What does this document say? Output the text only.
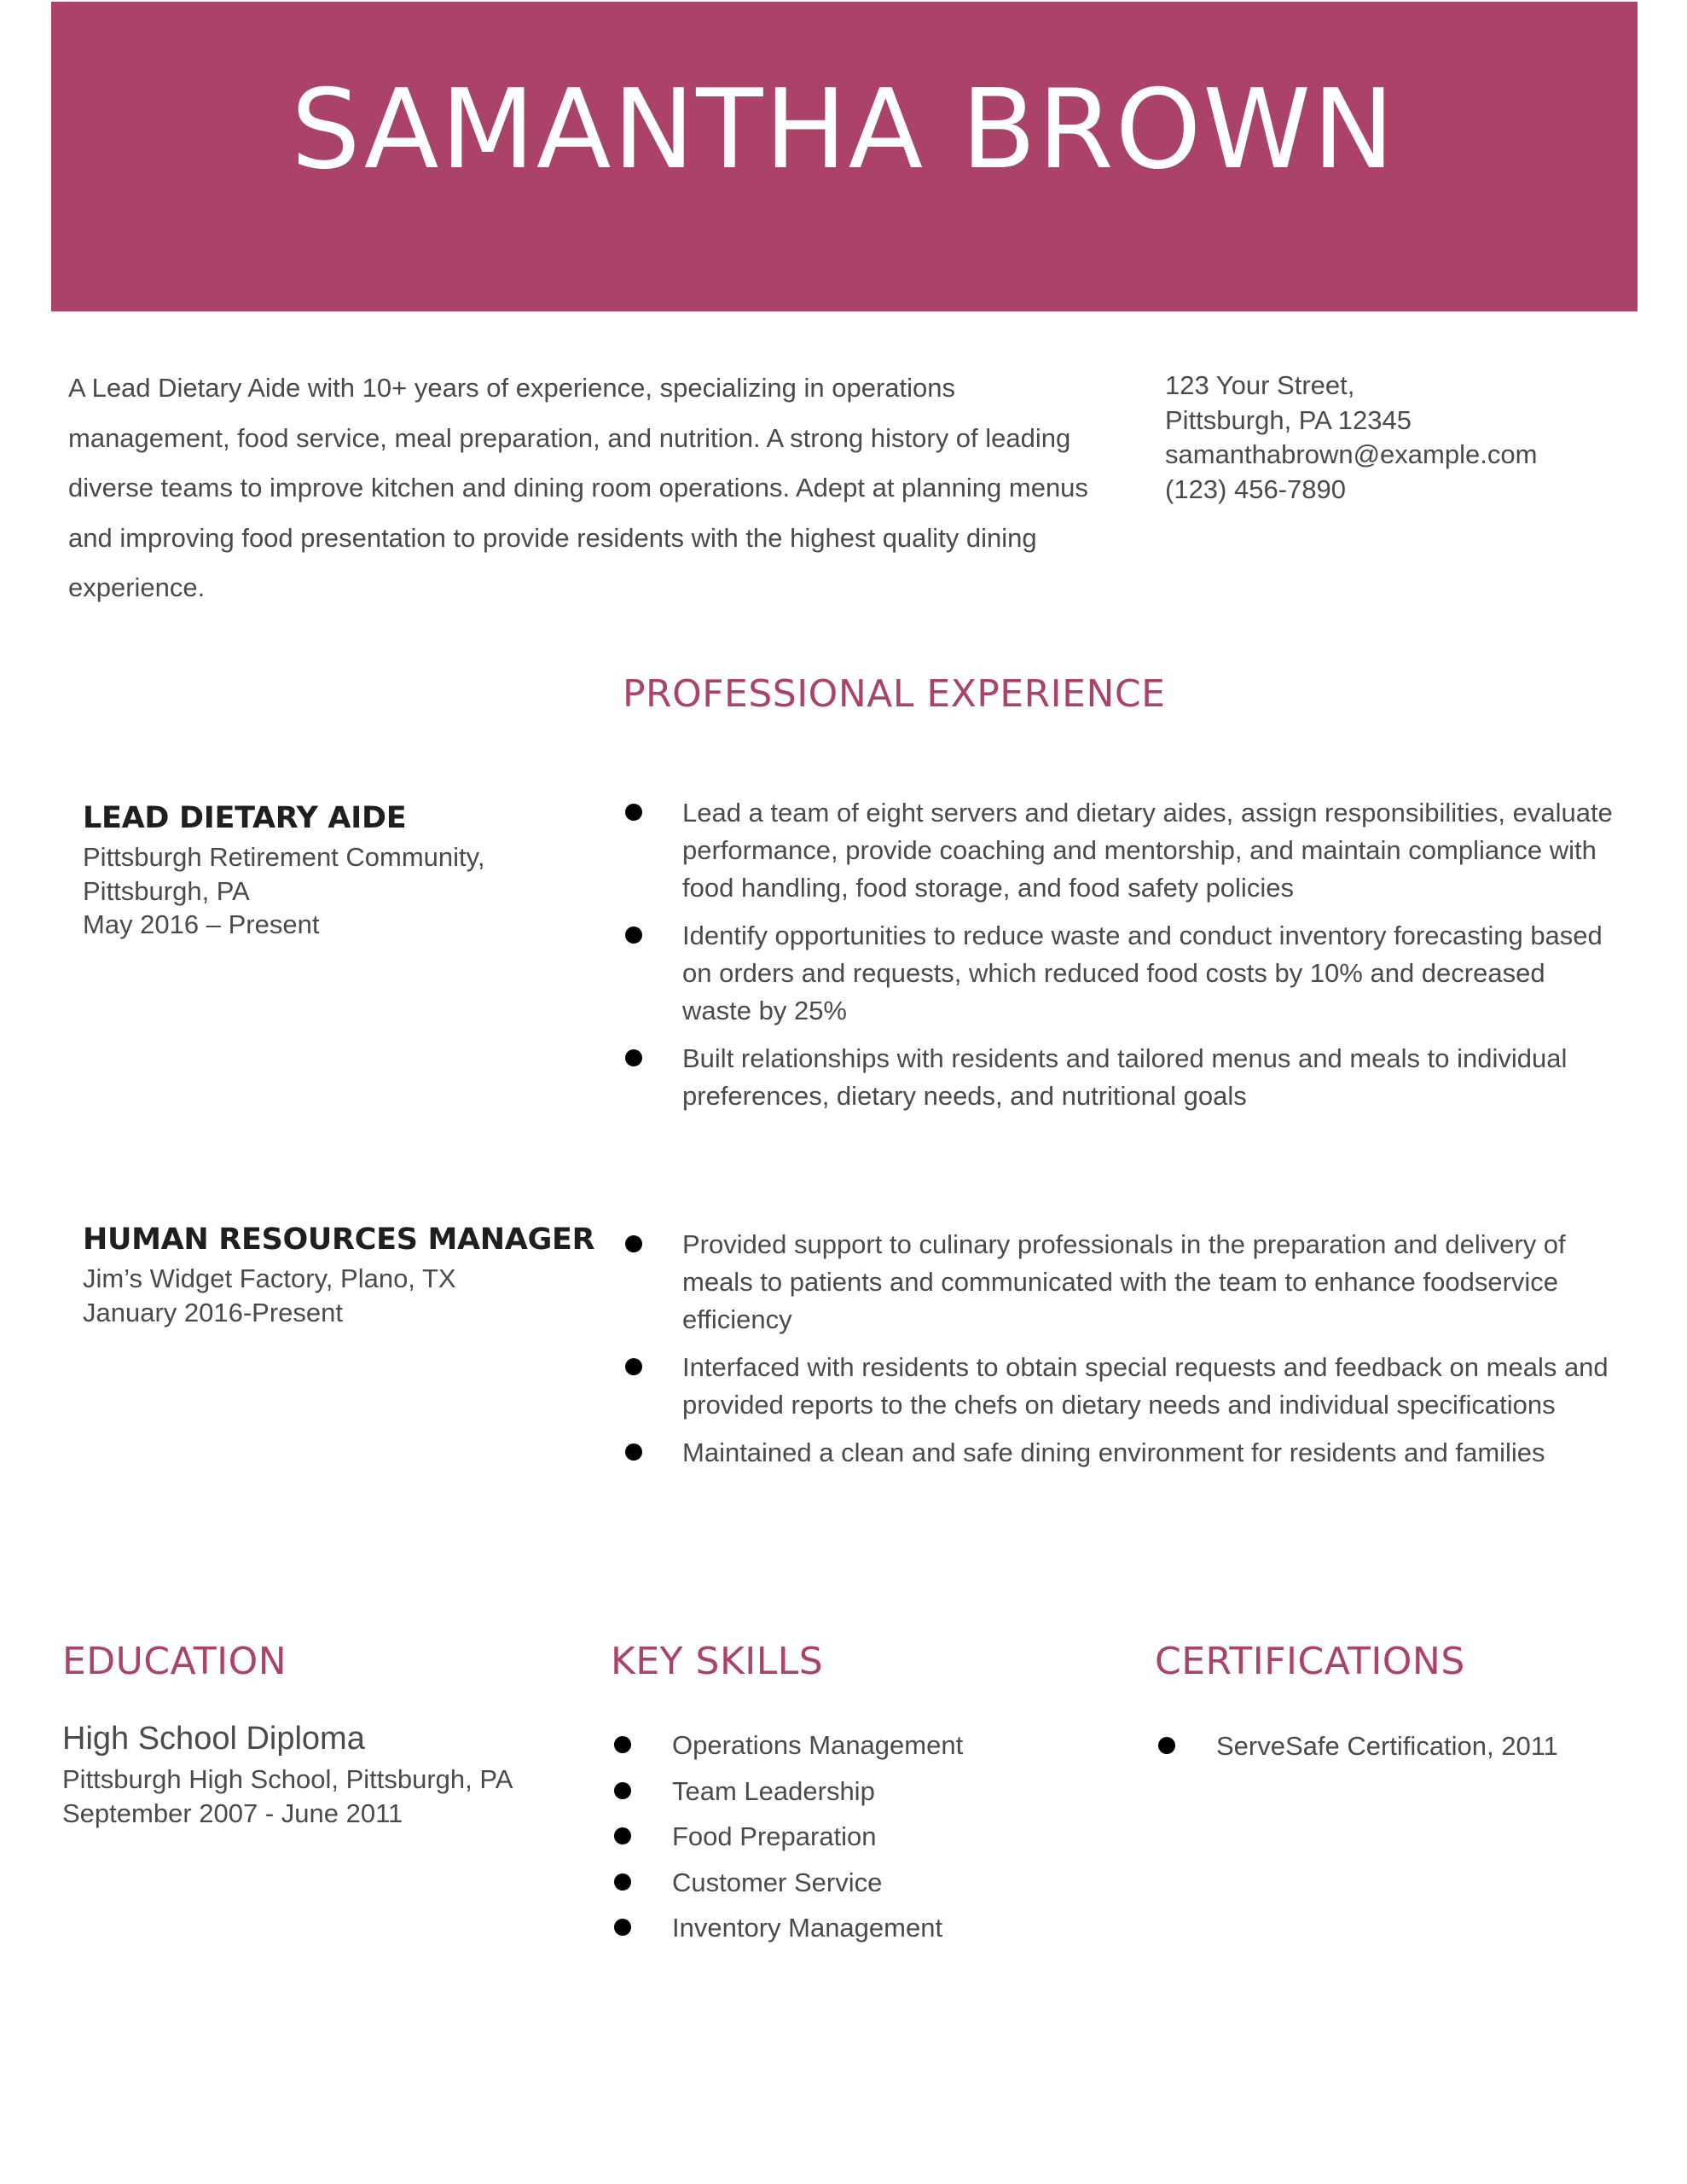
SAMANTHA BROWN

A Lead Dietary Aide with 10+ years of experience, specializing in operations management, food service, meal preparation, and nutrition. A strong history of leading diverse teams to improve kitchen and dining room operations. Adept at planning menus and improving food presentation to provide residents with the highest quality dining experience.

123 Your Street,
Pittsburgh, PA 12345
samanthabrown@example.com
(123) 456-7890
PROFESSIONAL EXPERIENCE
LEAD DIETARY AIDE
Pittsburgh Retirement Community,
Pittsburgh, PA
May 2016 – Present
Lead a team of eight servers and dietary aides, assign responsibilities, evaluate performance, provide coaching and mentorship, and maintain compliance with food handling, food storage, and food safety policies
Identify opportunities to reduce waste and conduct inventory forecasting based on orders and requests, which reduced food costs by 10% and decreased waste by 25%
Built relationships with residents and tailored menus and meals to individual preferences, dietary needs, and nutritional goals
HUMAN RESOURCES MANAGER
Jim’s Widget Factory, Plano, TX
January 2016-Present
Provided support to culinary professionals in the preparation and delivery of meals to patients and communicated with the team to enhance foodservice efficiency
Interfaced with residents to obtain special requests and feedback on meals and provided reports to the chefs on dietary needs and individual specifications
Maintained a clean and safe dining environment for residents and families
EDUCATION
High School Diploma
Pittsburgh High School, Pittsburgh, PA
September 2007 - June 2011
KEY SKILLS
Operations Management
Team Leadership
Food Preparation
Customer Service
Inventory Management
CERTIFICATIONS
ServeSafe Certification, 2011
